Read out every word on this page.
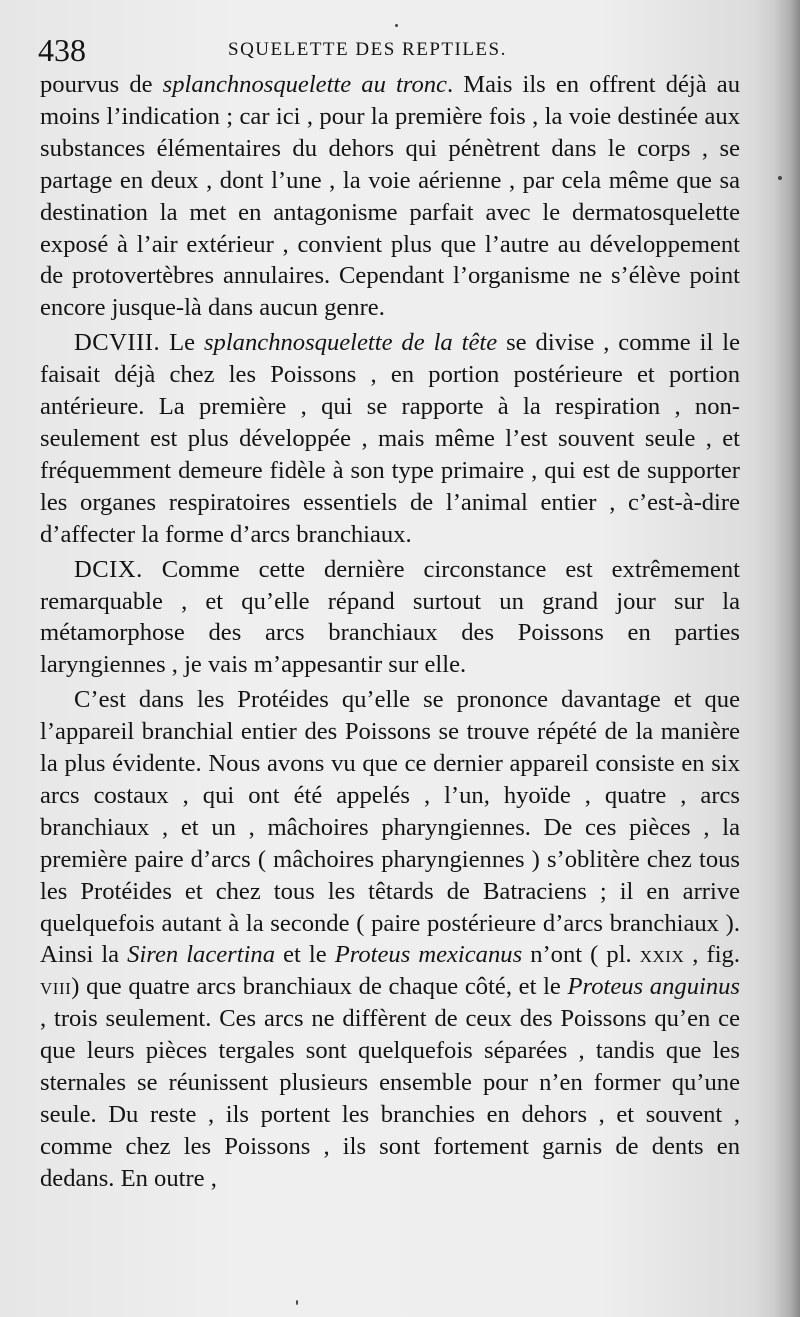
438	SQUELETTE DES REPTILES.

pourvus de splanchnosquelette au tronc. Mais ils en offrent déjà au moins l’indication ; car ici , pour la première fois , la voie destinée aux substances élémentaires du dehors qui pénètrent dans le corps , se partage en deux , dont l’une , la voie aérienne , par cela même que sa destination la met en antagonisme parfait avec le dermatosquelette exposé à l’air extérieur , convient plus que l’autre au développement de protovertèbres annulaires. Cependant l’organisme ne s’élève point encore jusque-là dans aucun genre.

DCVIII. Le splanchnosquelette de la tête se divise , comme il le faisait déjà chez les Poissons , en portion postérieure et portion antérieure. La première , qui se rapporte à la respiration , non-seulement est plus développée , mais même l’est souvent seule , et fréquemment demeure fidèle à son type primaire , qui est de supporter les organes respiratoires essentiels de l’animal entier , c’est-à-dire d’affecter la forme d’arcs branchiaux.

DCIX. Comme cette dernière circonstance est extrêmement remarquable , et qu’elle répand surtout un grand jour sur la métamorphose des arcs branchiaux des Poissons en parties laryngiennes , je vais m’appesantir sur elle.

C’est dans les Protéides qu’elle se prononce davantage et que l’appareil branchial entier des Poissons se trouve répété de la manière la plus évidente. Nous avons vu que ce dernier appareil consiste en six arcs costaux , qui ont été appelés , l’un, hyoïde , quatre , arcs branchiaux , et un , mâchoires pharyngiennes. De ces pièces , la première paire d’arcs ( mâchoires pharyngiennes ) s’oblitère chez tous les Protéides et chez tous les têtards de Batraciens ; il en arrive quelquefois autant à la seconde ( paire postérieure d’arcs branchiaux ). Ainsi la Siren lacertina et le Proteus mexicanus n’ont ( pl. xxix , fig. viii) que quatre arcs branchiaux de chaque côté, et le Proteus anguinus , trois seulement. Ces arcs ne diffèrent de ceux des Poissons qu’en ce que leurs pièces tergales sont quelquefois séparées , tandis que les sternales se réunissent plusieurs ensemble pour n’en former qu’une seule. Du reste , ils portent les branchies en dehors , et souvent , comme chez les Poissons , ils sont fortement garnis de dents en dedans. En outre ,
